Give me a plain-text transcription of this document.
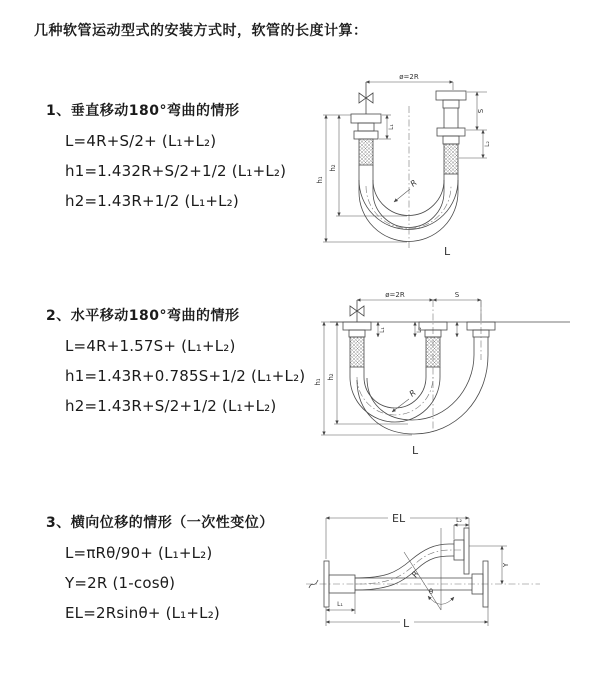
几种软管运动型式的安装方式时，软管的长度计算：
1、垂直移动180°弯曲的情形
L=4R+S/2+ (L₁+L₂)
h1=1.432R+S/2+1/2 (L₁+L₂)
h2=1.43R+1/2 (L₁+L₂)
2、水平移动180°弯曲的情形
L=4R+1.57S+ (L₁+L₂)
h1=1.43R+0.785S+1/2 (L₁+L₂)
h2=1.43R+S/2+1/2 (L₁+L₂)
3、横向位移的情形（一次性变位）
L=πRθ/90+ (L₁+L₂)
Y=2R (1-cosθ)
EL=2Rsinθ+ (L₁+L₂)
ø=2R
h₁
h₂
L₁
S
L₂
R
L
ø=2R	S
h₁
h₂
L₁	L₂
R
L
EL	L₂
Y
R
θ
L₁
L
